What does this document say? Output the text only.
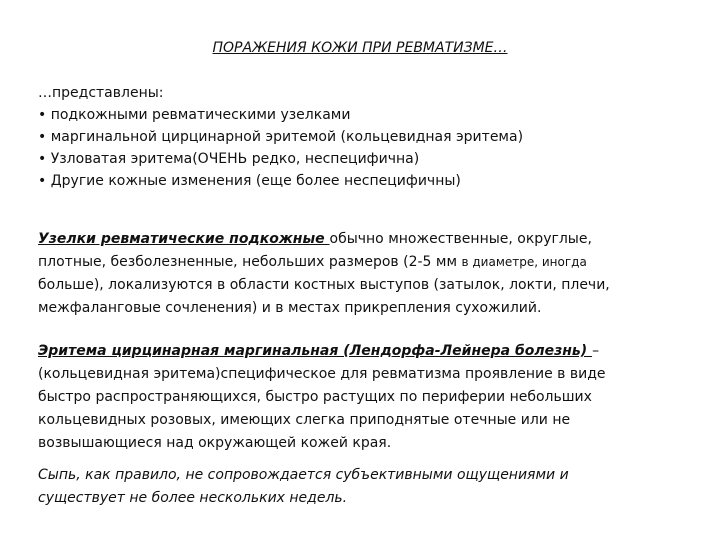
ПОРАЖЕНИЯ КОЖИ ПРИ РЕВМАТИЗМЕ…
…представлены:
• подкожными ревматическими узелками
• маргинальной цирцинарной эритемой (кольцевидная эритема)
• Узловатая эритема(ОЧЕНЬ редко, неспецифична)
• Другие кожные изменения (еще более неспецифичны)
Узелки ревматические подкожные обычно множественные, округлые,
плотные, безболезненные, небольших размеров (2-5 мм в диаметре, иногда
больше), локализуются в области костных выступов (затылок, локти, плечи,
межфаланговые сочленения) и в местах прикрепления сухожилий.
Эритема цирцинарная маргинальная (Лендорфа-Лейнера болезнь) –
(кольцевидная эритема)специфическое для ревматизма проявление в виде
быстро распространяющихся, быстро растущих по периферии небольших
кольцевидных розовых, имеющих слегка приподнятые отечные или не
возвышающиеся над окружающей кожей края.
Сыпь, как правило, не сопровождается субъективными ощущениями и
существует не более нескольких недель.
